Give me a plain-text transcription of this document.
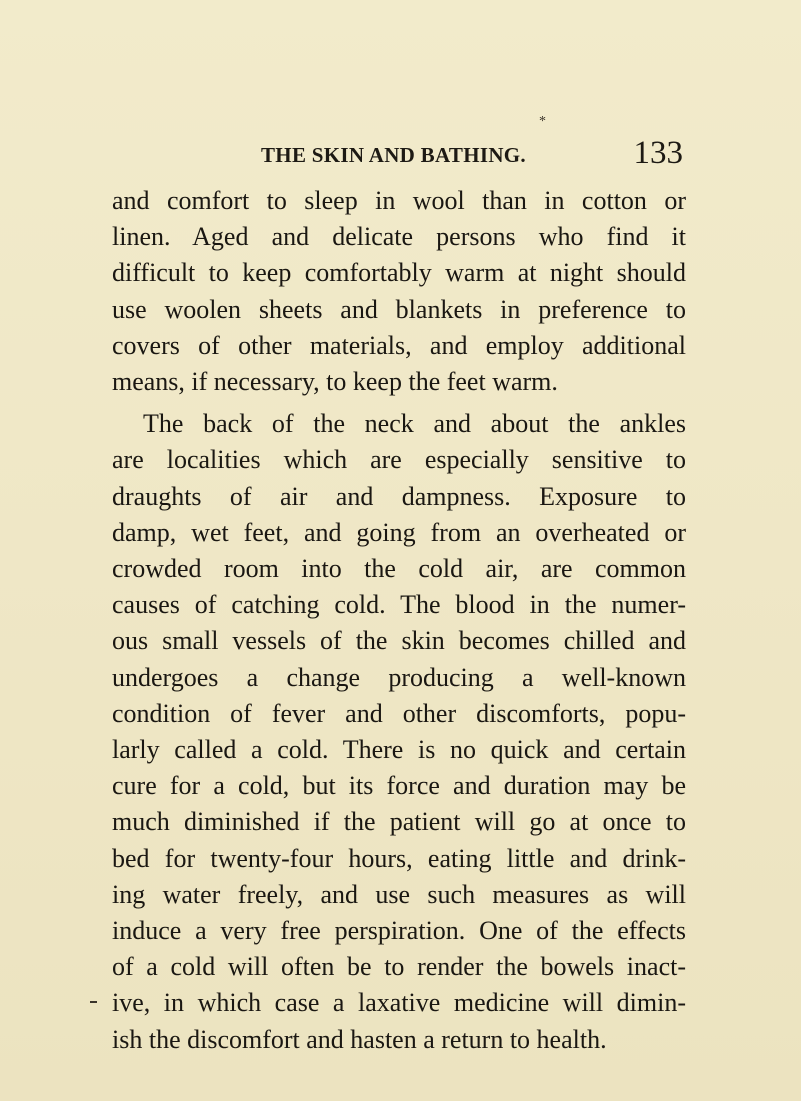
*
THE SKIN AND BATHING.	133
and comfort to sleep in wool than in cotton or
linen. Aged and delicate persons who find it
difficult to keep comfortably warm at night should
use woolen sheets and blankets in preference to
covers of other materials, and employ additional
means, if necessary, to keep the feet warm.
The back of the neck and about the ankles
are localities which are especially sensitive to
draughts of air and dampness. Exposure to
damp, wet feet, and going from an overheated or
crowded room into the cold air, are common
causes of catching cold. The blood in the numer-
ous small vessels of the skin becomes chilled and
undergoes a change producing a well-known
condition of fever and other discomforts, popu-
larly called a cold. There is no quick and certain
cure for a cold, but its force and duration may be
much diminished if the patient will go at once to
bed for twenty-four hours, eating little and drink-
ing water freely, and use such measures as will
induce a very free perspiration. One of the effects
of a cold will often be to render the bowels inact-
ive, in which case a laxative medicine will dimin-
ish the discomfort and hasten a return to health.
